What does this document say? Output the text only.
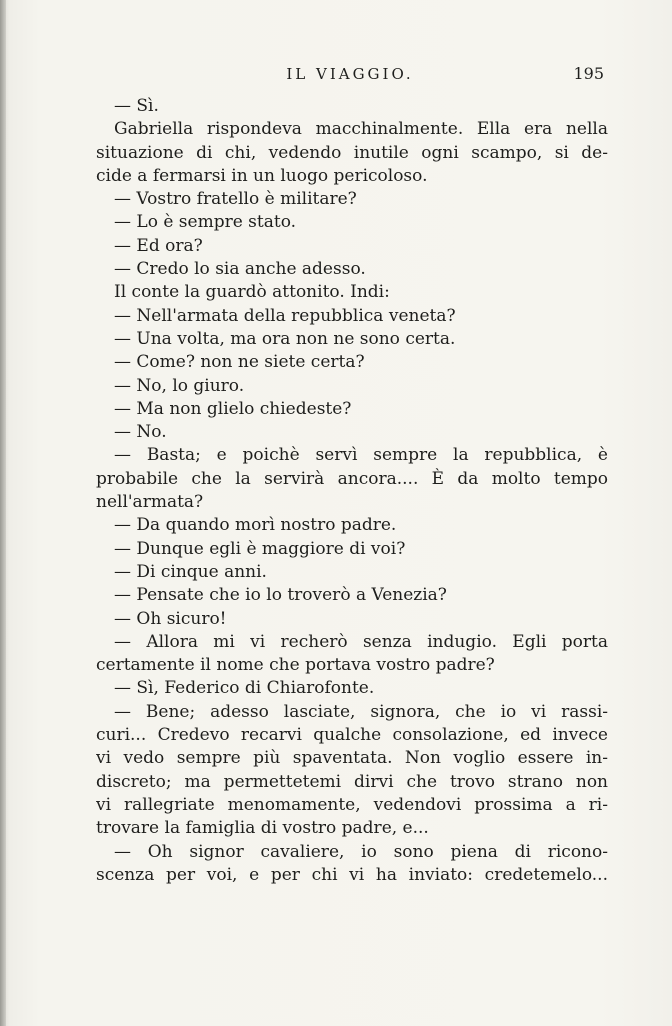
IL VIAGGIO.	195
— Sì.
Gabriella rispondeva macchinalmente. Ella era nella
situazione di chi, vedendo inutile ogni scampo, si de-
cide a fermarsi in un luogo pericoloso.
— Vostro fratello è militare?
— Lo è sempre stato.
— Ed ora?
— Credo lo sia anche adesso.
Il conte la guardò attonito. Indi:
— Nell'armata della repubblica veneta?
— Una volta, ma ora non ne sono certa.
— Come? non ne siete certa?
— No, lo giuro.
— Ma non glielo chiedeste?
— No.
— Basta; e poichè servì sempre la repubblica, è
probabile che la servirà ancora.... È da molto tempo
nell'armata?
— Da quando morì nostro padre.
— Dunque egli è maggiore di voi?
— Di cinque anni.
— Pensate che io lo troverò a Venezia?
— Oh sicuro!
— Allora mi vi recherò senza indugio. Egli porta
certamente il nome che portava vostro padre?
— Sì, Federico di Chiarofonte.
— Bene; adesso lasciate, signora, che io vi rassi-
curi... Credevo recarvi qualche consolazione, ed invece
vi vedo sempre più spaventata. Non voglio essere in-
discreto; ma permettetemi dirvi che trovo strano non
vi rallegriate menomamente, vedendovi prossima a ri-
trovare la famiglia di vostro padre, e...
— Oh signor cavaliere, io sono piena di ricono-
scenza per voi, e per chi vi ha inviato: credetemelo...
